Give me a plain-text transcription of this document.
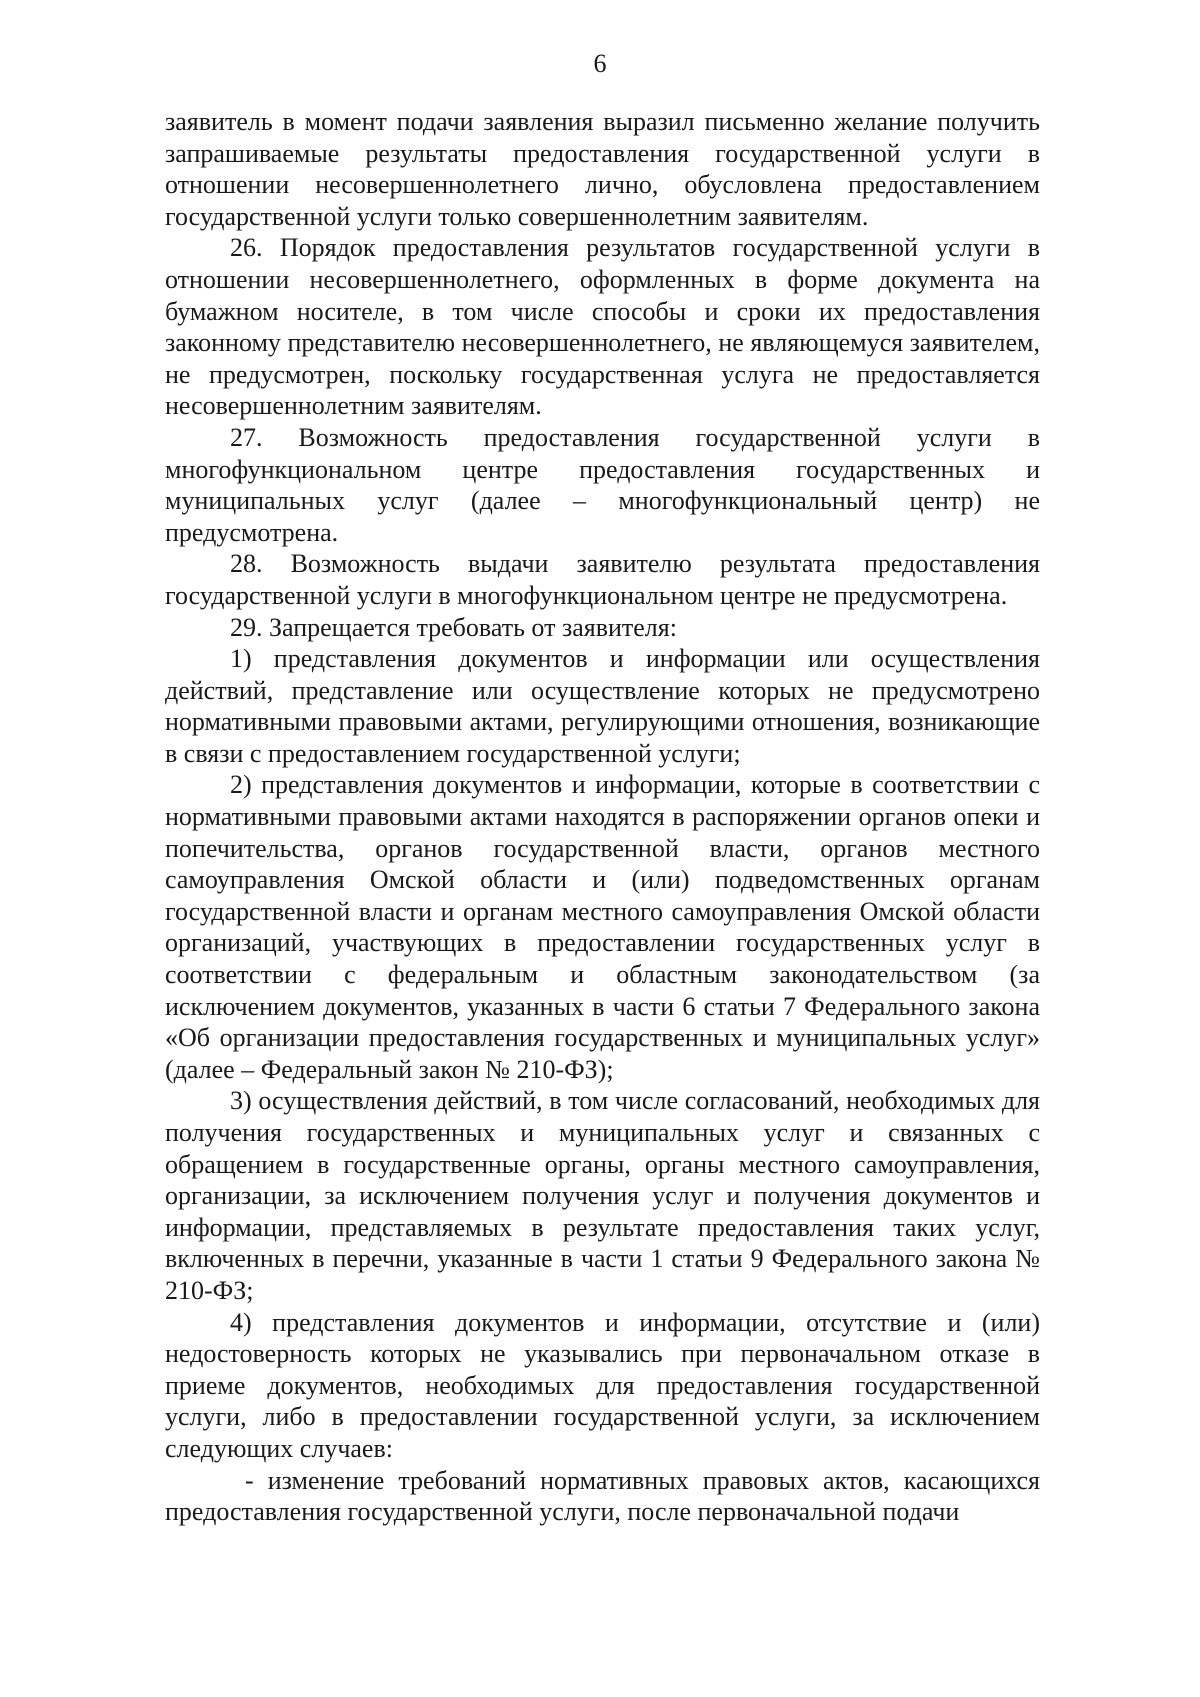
6

заявитель в момент подачи заявления выразил письменно желание получить запрашиваемые результаты предоставления государственной услуги в отношении несовершеннолетнего лично, обусловлена предоставлением государственной услуги только совершеннолетним заявителям.

26. Порядок предоставления результатов государственной услуги в отношении несовершеннолетнего, оформленных в форме документа на бумажном носителе, в том числе способы и сроки их предоставления законному представителю несовершеннолетнего, не являющемуся заявителем, не предусмотрен, поскольку государственная услуга не предоставляется несовершеннолетним заявителям.

27. Возможность предоставления государственной услуги в многофункциональном центре предоставления государственных и муниципальных услуг (далее – многофункциональный центр) не предусмотрена.

28. Возможность выдачи заявителю результата предоставления государственной услуги в многофункциональном центре не предусмотрена.

29. Запрещается требовать от заявителя:

1) представления документов и информации или осуществления действий, представление или осуществление которых не предусмотрено нормативными правовыми актами, регулирующими отношения, возникающие в связи с предоставлением государственной услуги;

2) представления документов и информации, которые в соответствии с нормативными правовыми актами находятся в распоряжении органов опеки и попечительства, органов государственной власти, органов местного самоуправления Омской области и (или) подведомственных органам государственной власти и органам местного самоуправления Омской области организаций, участвующих в предоставлении государственных услуг в соответствии с федеральным и областным законодательством (за исключением документов, указанных в части 6 статьи 7 Федерального закона «Об организации предоставления государственных и муниципальных услуг» (далее – Федеральный закон № 210-ФЗ);

3) осуществления действий, в том числе согласований, необходимых для получения государственных и муниципальных услуг и связанных с обращением в государственные органы, органы местного самоуправления, организации, за исключением получения услуг и получения документов и информации, представляемых в результате предоставления таких услуг, включенных в перечни, указанные в части 1 статьи 9 Федерального закона № 210-ФЗ;

4) представления документов и информации, отсутствие и (или) недостоверность которых не указывались при первоначальном отказе в приеме документов, необходимых для предоставления государственной услуги, либо в предоставлении государственной услуги, за исключением следующих случаев:

- изменение требований нормативных правовых актов, касающихся предоставления государственной услуги, после первоначальной подачи
